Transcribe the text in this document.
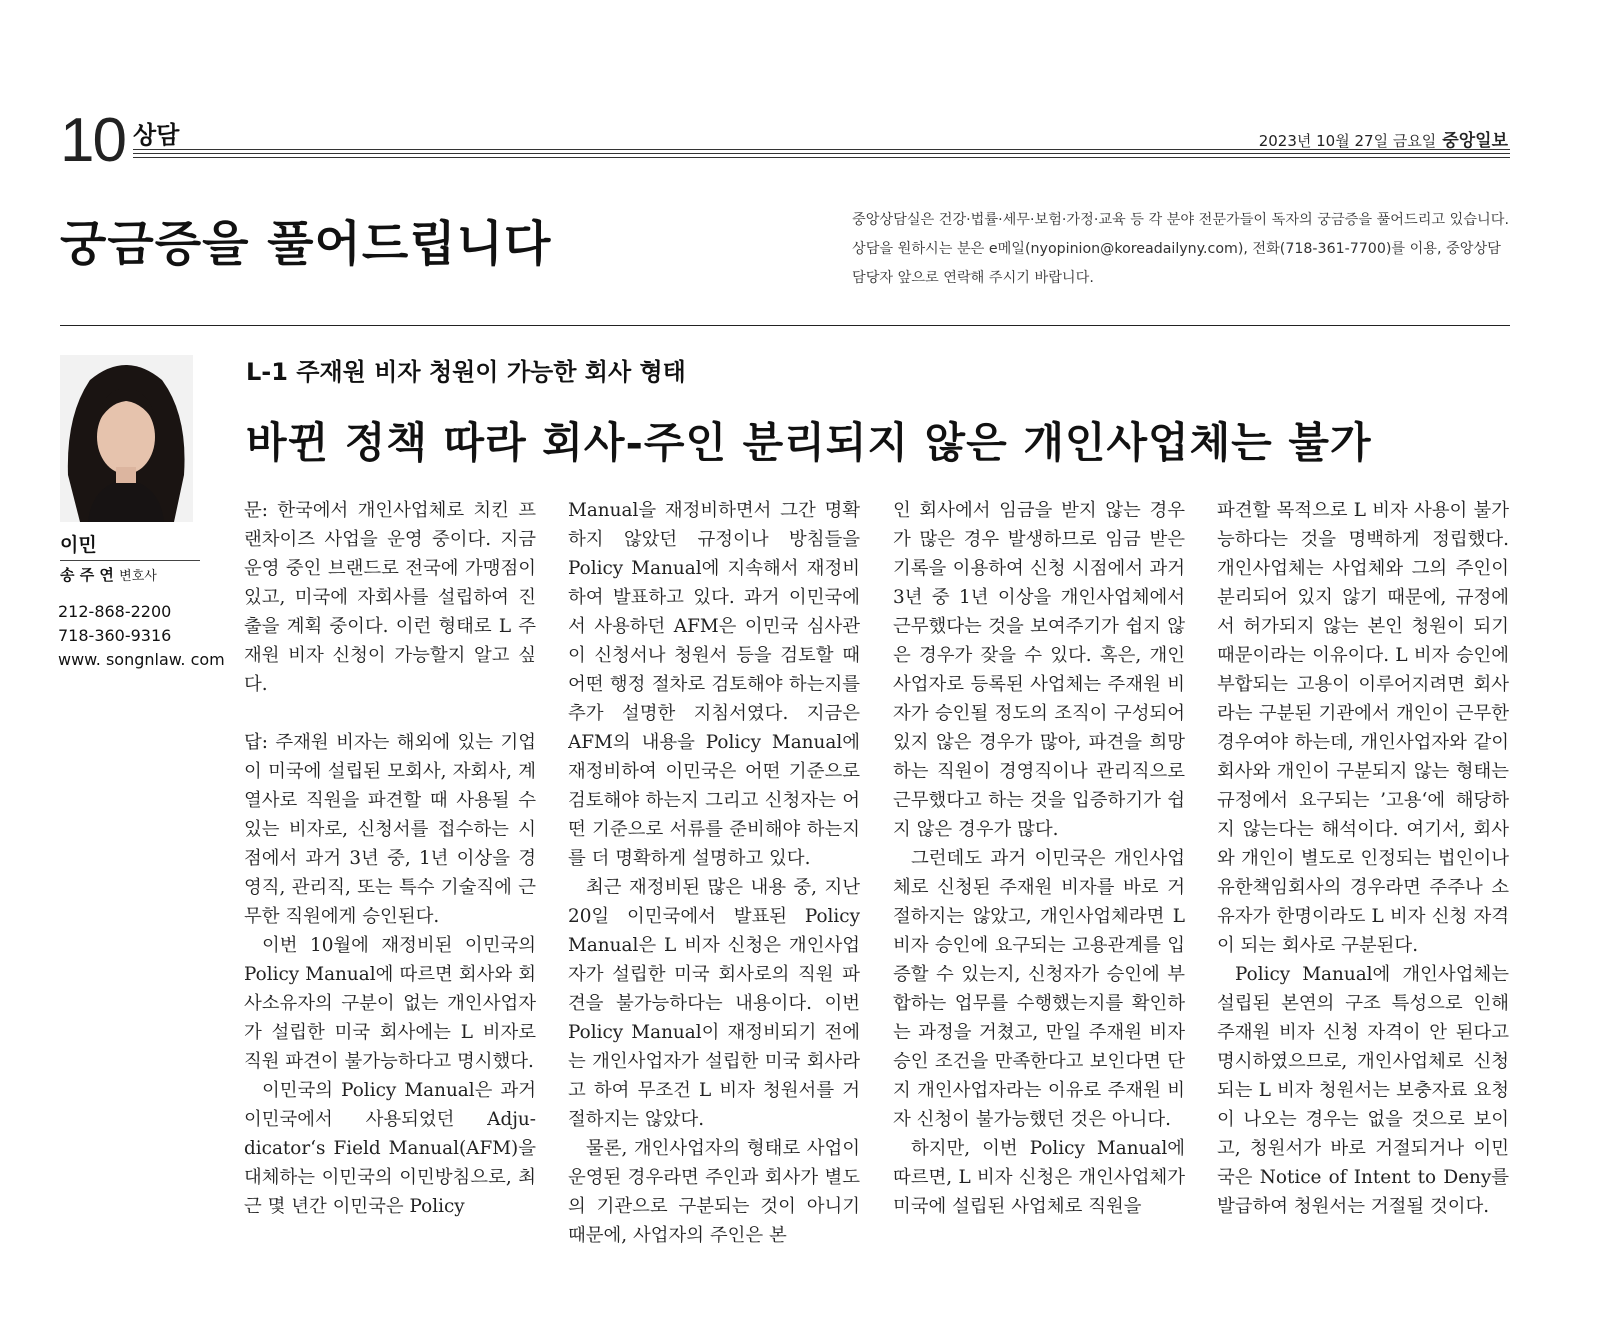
10 상담	2023년 10월 27일 금요일 중앙일보
궁금증을 풀어드립니다	중앙상담실은 건강·법률·세무·보험·가정·교육 등 각 분야 전문가들이 독자의 궁금증을 풀어드리고 있습니다. 상담을 원하시는 분은 e메일(nyopinion@koreadailyny.com), 전화(718-361-7700)를 이용, 중앙상담 담당자 앞으로 연락해 주시기 바랍니다.
이민
송 주 연 변호사
212-868-2200
718-360-9316
www. songnlaw. com
L-1 주재원 비자 청원이 가능한 회사 형태
바뀐 정책 따라 회사-주인 분리되지 않은 개인사업체는 불가

문: 한국에서 개인사업체로 치킨 프랜차이즈 사업을 운영 중이다. 지금 운영 중인 브랜드로 전국에 가맹점이 있고, 미국에 자회사를 설립하여 진출을 계획 중이다. 이런 형태로 L 주재원 비자 신청이 가능할지 알고 싶다.

답: 주재원 비자는 해외에 있는 기업이 미국에 설립된 모회사, 자회사, 계열사로 직원을 파견할 때 사용될 수 있는 비자로, 신청서를 접수하는 시점에서 과거 3년 중, 1년 이상을 경영직, 관리직, 또는 특수 기술직에 근무한 직원에게 승인된다.

이번 10월에 재정비된 이민국의 Policy Manual에 따르면 회사와 회사소유자의 구분이 없는 개인사업자가 설립한 미국 회사에는 L 비자로 직원 파견이 불가능하다고 명시했다.

이민국의 Policy Manual은 과거 이민국에서 사용되었던 Adju-dicator‘s Field Manual(AFM)을 대체하는 이민국의 이민방침으로, 최근 몇 년간 이민국은 Policy

Manual을 재정비하면서 그간 명확하지 않았던 규정이나 방침들을 Policy Manual에 지속해서 재정비하여 발표하고 있다. 과거 이민국에서 사용하던 AFM은 이민국 심사관이 신청서나 청원서 등을 검토할 때 어떤 행정 절차로 검토해야 하는지를 추가 설명한 지침서였다. 지금은 AFM의 내용을 Policy Manual에 재정비하여 이민국은 어떤 기준으로 검토해야 하는지 그리고 신청자는 어떤 기준으로 서류를 준비해야 하는지를 더 명확하게 설명하고 있다.

최근 재정비된 많은 내용 중, 지난 20일 이민국에서 발표된 Policy Manual은 L 비자 신청은 개인사업자가 설립한 미국 회사로의 직원 파견을 불가능하다는 내용이다. 이번 Policy Manual이 재정비되기 전에는 개인사업자가 설립한 미국 회사라고 하여 무조건 L 비자 청원서를 거절하지는 않았다.

물론, 개인사업자의 형태로 사업이 운영된 경우라면 주인과 회사가 별도의 기관으로 구분되는 것이 아니기 때문에, 사업자의 주인은 본

인 회사에서 임금을 받지 않는 경우가 많은 경우 발생하므로 임금 받은 기록을 이용하여 신청 시점에서 과거 3년 중 1년 이상을 개인사업체에서 근무했다는 것을 보여주기가 쉽지 않은 경우가 잦을 수 있다. 혹은, 개인사업자로 등록된 사업체는 주재원 비자가 승인될 정도의 조직이 구성되어 있지 않은 경우가 많아, 파견을 희망하는 직원이 경영직이나 관리직으로 근무했다고 하는 것을 입증하기가 쉽지 않은 경우가 많다.

그런데도 과거 이민국은 개인사업체로 신청된 주재원 비자를 바로 거절하지는 않았고, 개인사업체라면 L 비자 승인에 요구되는 고용관계를 입증할 수 있는지, 신청자가 승인에 부합하는 업무를 수행했는지를 확인하는 과정을 거쳤고, 만일 주재원 비자 승인 조건을 만족한다고 보인다면 단지 개인사업자라는 이유로 주재원 비자 신청이 불가능했던 것은 아니다.

하지만, 이번 Policy Manual에 따르면, L 비자 신청은 개인사업체가 미국에 설립된 사업체로 직원을

파견할 목적으로 L 비자 사용이 불가능하다는 것을 명백하게 정립했다. 개인사업체는 사업체와 그의 주인이 분리되어 있지 않기 때문에, 규정에서 허가되지 않는 본인 청원이 되기 때문이라는 이유이다. L 비자 승인에 부합되는 고용이 이루어지려면 회사라는 구분된 기관에서 개인이 근무한 경우여야 하는데, 개인사업자와 같이 회사와 개인이 구분되지 않는 형태는 규정에서 요구되는 ’고용‘에 해당하지 않는다는 해석이다. 여기서, 회사와 개인이 별도로 인정되는 법인이나 유한책임회사의 경우라면 주주나 소유자가 한명이라도 L 비자 신청 자격이 되는 회사로 구분된다.

Policy Manual에 개인사업체는 설립된 본연의 구조 특성으로 인해 주재원 비자 신청 자격이 안 된다고 명시하였으므로, 개인사업체로 신청되는 L 비자 청원서는 보충자료 요청이 나오는 경우는 없을 것으로 보이고, 청원서가 바로 거절되거나 이민국은 Notice of Intent to Deny를 발급하여 청원서는 거절될 것이다.
